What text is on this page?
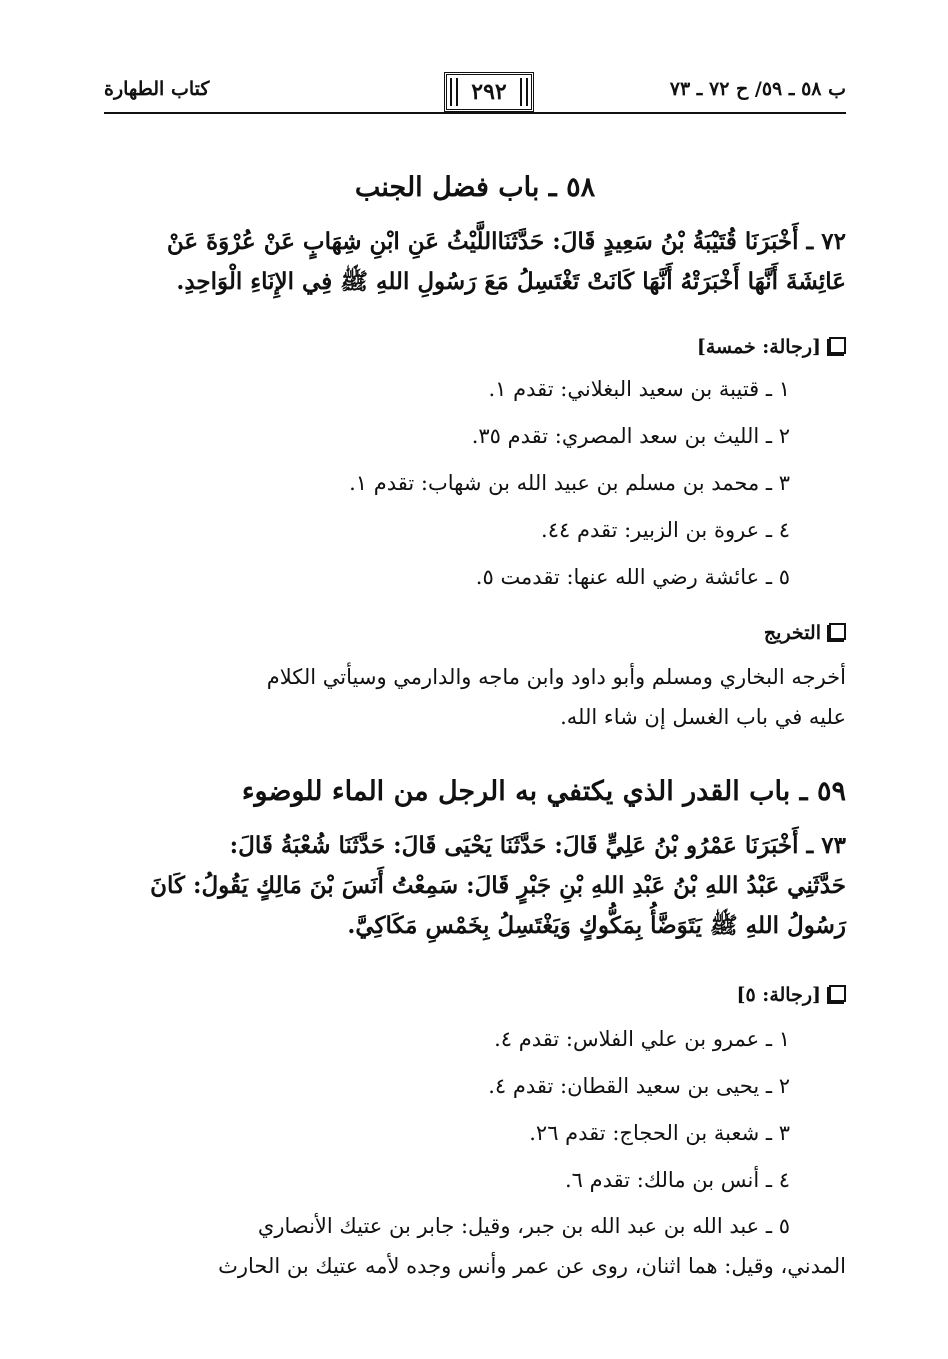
ب ٥٨ ـ ٥٩/ ح ٧٢ ـ ٧٣
٢٩٢
كتاب الطهارة
٥٨ ـ باب فضل الجنب
٧٢ ـ أَخْبَرَنَا قُتَيْبَةُ بْنُ سَعِيدٍ قَالَ: حَدَّثَنَااللَّيْثُ عَنِ ابْنِ شِهَابٍ عَنْ عُرْوَةَ عَنْ
عَائِشَةَ أَنَّهَا أَخْبَرَتْهُ أَنَّهَا كَانَتْ تَغْتَسِلُ مَعَ رَسُولِ اللهِ ﷺ فِي الإِنَاءِ الْوَاحِدِ.
[رجالة: خمسة]
١ ـ قتيبة بن سعيد البغلاني: تقدم ١.
٢ ـ الليث بن سعد المصري: تقدم ٣٥.
٣ ـ محمد بن مسلم بن عبيد الله بن شهاب: تقدم ١.
٤ ـ عروة بن الزبير: تقدم ٤٤.
٥ ـ عائشة رضي الله عنها: تقدمت ٥.
التخريج
أخرجه البخاري ومسلم وأبو داود وابن ماجه والدارمي وسيأتي الكلام
عليه في باب الغسل إن شاء الله.
٥٩ ـ باب القدر الذي يكتفي به الرجل من الماء للوضوء
٧٣ ـ أَخْبَرَنَا عَمْرُو بْنُ عَلِيٍّ قَالَ: حَدَّثَنَا يَحْيَى قَالَ: حَدَّثَنَا شُعْبَةُ قَالَ:
حَدَّثَنِي عَبْدُ اللهِ بْنُ عَبْدِ اللهِ بْنِ جَبْرٍ قَالَ: سَمِعْتُ أَنَسَ بْنَ مَالِكٍ يَقُولُ: كَانَ
رَسُولُ اللهِ ﷺ يَتَوَضَّأُ بِمَكُّوكٍ وَيَغْتَسِلُ بِخَمْسِ مَكَاكِيَّ.
[رجالة: ٥]
١ ـ عمرو بن علي الفلاس: تقدم ٤.
٢ ـ يحيى بن سعيد القطان: تقدم ٤.
٣ ـ شعبة بن الحجاج: تقدم ٢٦.
٤ ـ أنس بن مالك: تقدم ٦.
٥ ـ عبد الله بن عبد الله بن جبر، وقيل: جابر بن عتيك الأنصاري
المدني، وقيل: هما اثنان، روى عن عمر وأنس وجده لأمه عتيك بن الحارث
